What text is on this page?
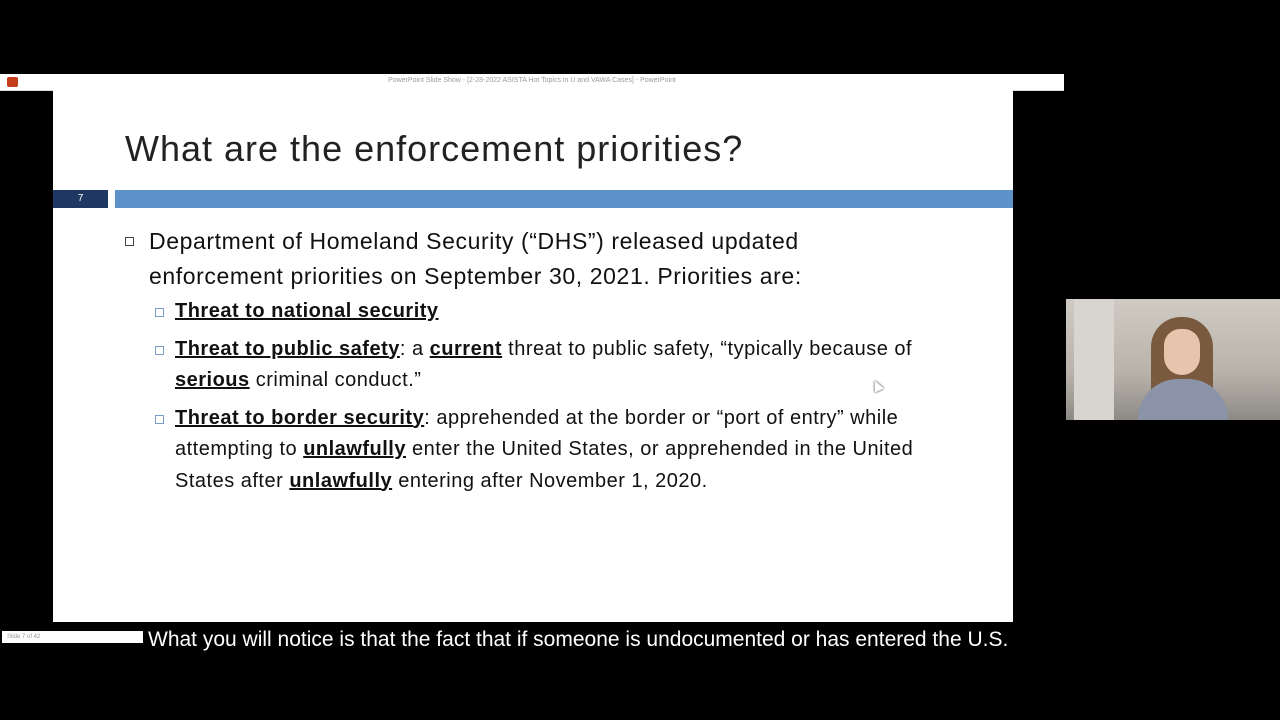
PowerPoint Slide Show - [2-28-2022 ASISTA Hot Topics in U and VAWA Cases] - PowerPoint
What are the enforcement priorities?
7
Department of Homeland Security (“DHS”) released updated enforcement priorities on September 30, 2021. Priorities are:
Threat to national security
Threat to public safety: a current threat to public safety, “typically because of serious criminal conduct.”
Threat to border security: apprehended at the border or “port of entry” while attempting to unlawfully enter the United States, or apprehended in the United States after unlawfully entering after November 1, 2020.
Slide 7 of 42	What you will notice is that the fact that if someone is undocumented or has entered the U.S.
